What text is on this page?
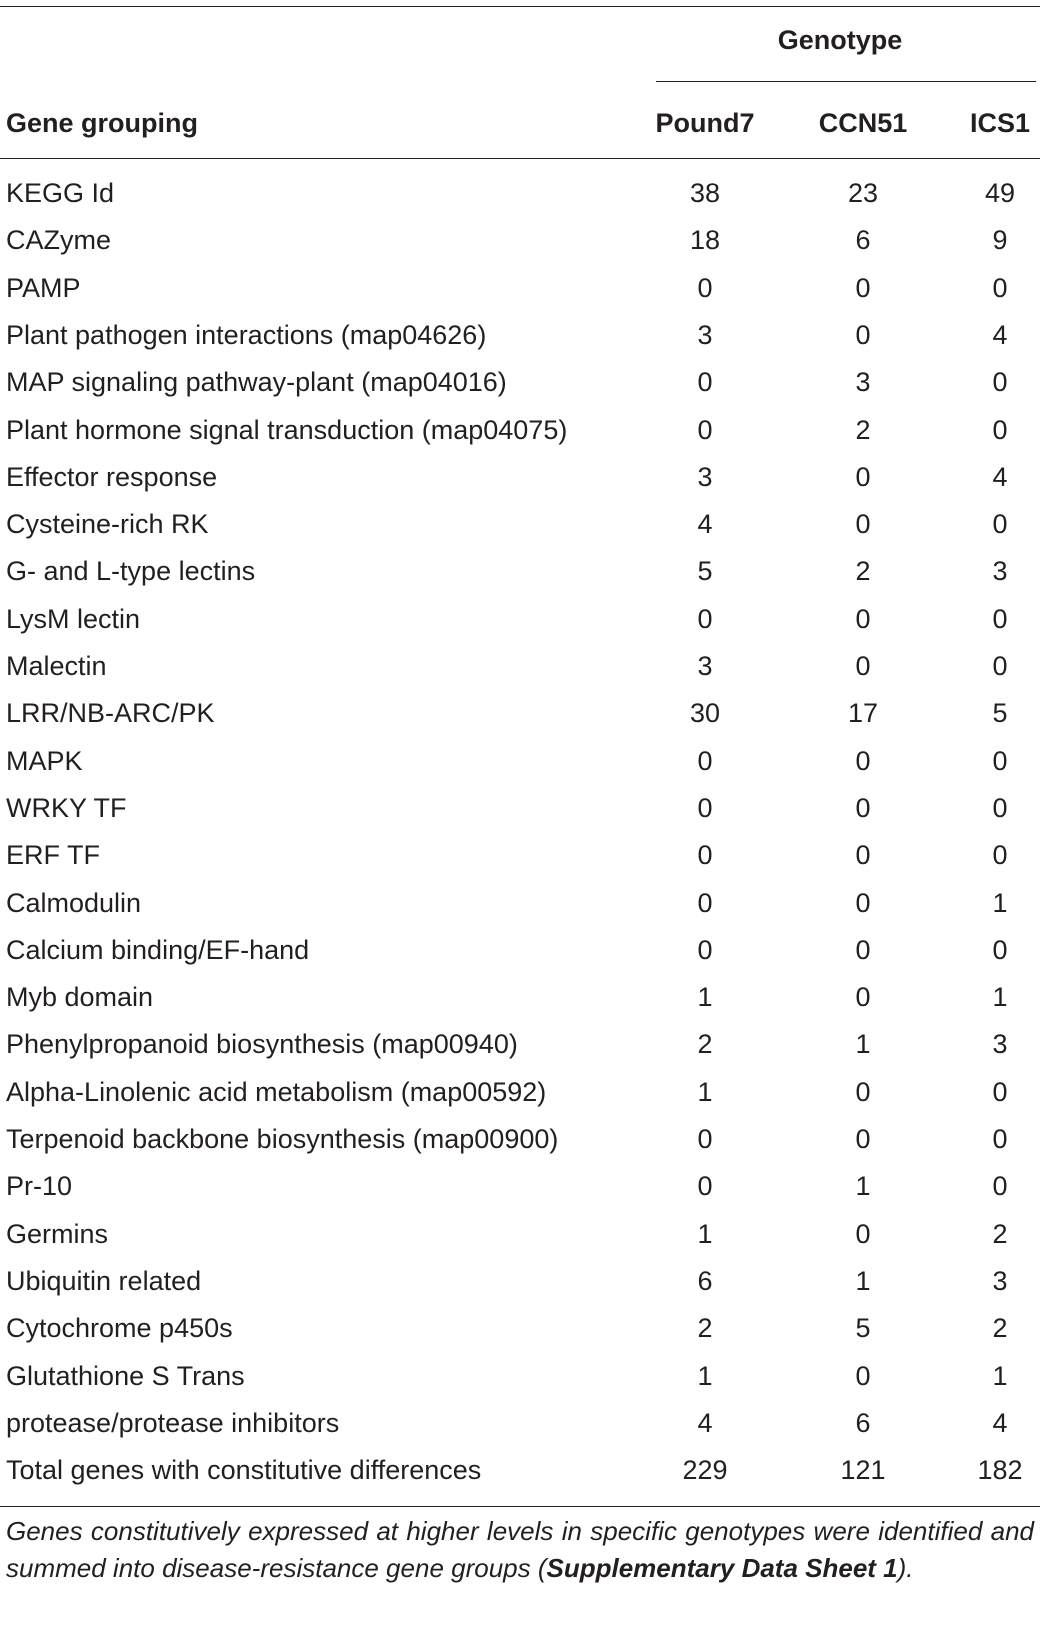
Genotype
Gene grouping	Pound7	CCN51	ICS1
KEGG Id	38	23	49
CAZyme	18	6	9
PAMP	0	0	0
Plant pathogen interactions (map04626)	3	0	4
MAP signaling pathway-plant (map04016)	0	3	0
Plant hormone signal transduction (map04075)	0	2	0
Effector response	3	0	4
Cysteine-rich RK	4	0	0
G- and L-type lectins	5	2	3
LysM lectin	0	0	0
Malectin	3	0	0
LRR/NB-ARC/PK	30	17	5
MAPK	0	0	0
WRKY TF	0	0	0
ERF TF	0	0	0
Calmodulin	0	0	1
Calcium binding/EF-hand	0	0	0
Myb domain	1	0	1
Phenylpropanoid biosynthesis (map00940)	2	1	3
Alpha-Linolenic acid metabolism (map00592)	1	0	0
Terpenoid backbone biosynthesis (map00900)	0	0	0
Pr-10	0	1	0
Germins	1	0	2
Ubiquitin related	6	1	3
Cytochrome p450s	2	5	2
Glutathione S Trans	1	0	1
protease/protease inhibitors	4	6	4
Total genes with constitutive differences	229	121	182
Genes constitutively expressed at higher levels in specific genotypes were identified and summed into disease-resistance gene groups (Supplementary Data Sheet 1).
